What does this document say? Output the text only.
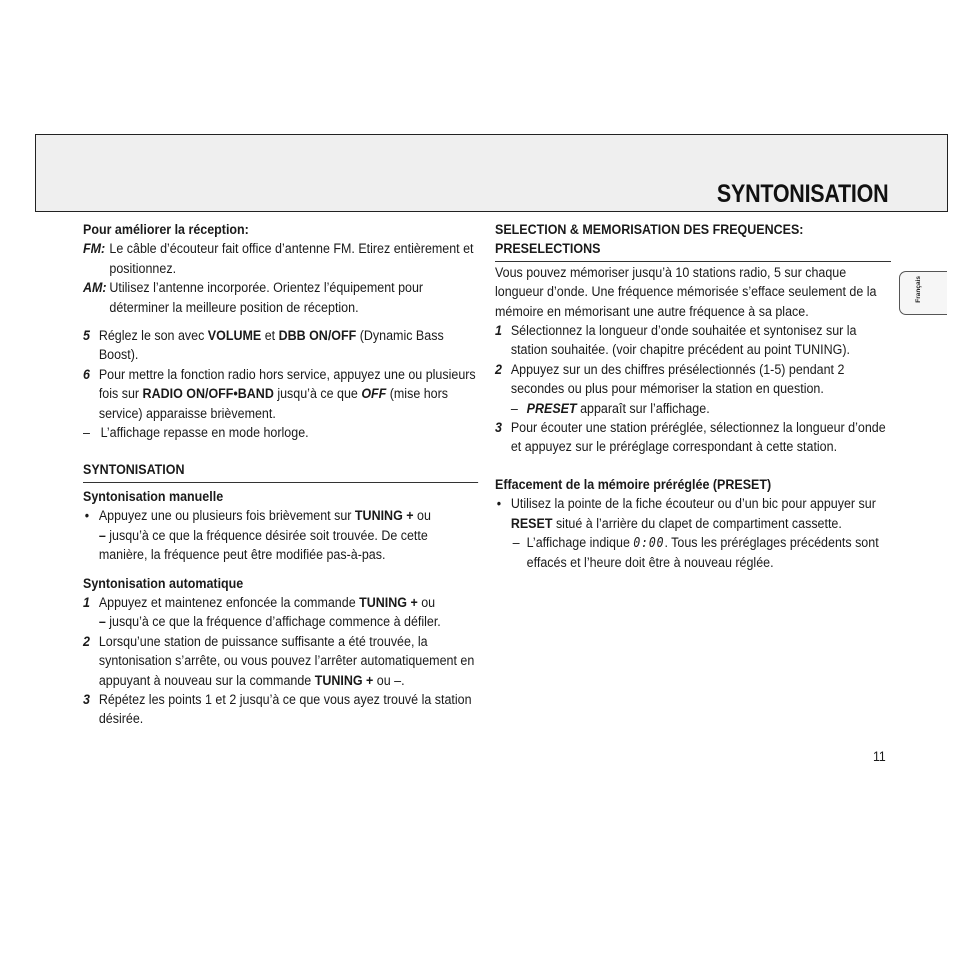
SYNTONISATION
Français

Pour améliorer la réception:

FM: Le câble d’écouteur fait office d’antenne FM. Etirez entièrement et positionnez.

AM: Utilisez l’antenne incorporée. Orientez l’équipement pour déterminer la meilleure position de réception.

5 Réglez le son avec VOLUME et DBB ON/OFF (Dynamic Bass Boost).

6 Pour mettre la fonction radio hors service, appuyez une ou plusieurs fois sur RADIO ON/OFF•BAND jusqu’à ce que OFF (mise hors service) apparaisse brièvement.

– L’affichage repasse en mode horloge.

SYNTONISATION

Syntonisation manuelle

• Appuyez une ou plusieurs fois brièvement sur TUNING + ou
– jusqu’à ce que la fréquence désirée soit trouvée. De cette manière, la fréquence peut être modifiée pas-à-pas.

Syntonisation automatique

1 Appuyez et maintenez enfoncée la commande TUNING + ou
– jusqu’à ce que la fréquence d’affichage commence à défiler.

2 Lorsqu’une station de puissance suffisante a été trouvée, la syntonisation s’arrête, ou vous pouvez l’arrêter automatiquement en appuyant à nouveau sur la commande TUNING + ou –.

3 Répétez les points 1 et 2 jusqu’à ce que vous ayez trouvé la station désirée.

SELECTION & MEMORISATION DES FREQUENCES:

PRESELECTIONS

Vous pouvez mémoriser jusqu’à 10 stations radio, 5 sur chaque longueur d’onde. Une fréquence mémorisée s’efface seulement de la mémoire en mémorisant une autre fréquence à sa place.

1 Sélectionnez la longueur d’onde souhaitée et syntonisez sur la station souhaitée. (voir chapitre précédent au point TUNING).

2 Appuyez sur un des chiffres présélectionnés (1-5) pendant 2 secondes ou plus pour mémoriser la station en question.

– PRESET apparaît sur l’affichage.

3 Pour écouter une station préréglée, sélectionnez la longueur d’onde et appuyez sur le préréglage correspondant à cette station.

Effacement de la mémoire préréglée (PRESET)

• Utilisez la pointe de la fiche écouteur ou d’un bic pour appuyer sur RESET situé à l’arrière du clapet de compartiment cassette.

– L’affichage indique 0:00. Tous les préréglages précédents sont effacés et l’heure doit être à nouveau réglée.

11
